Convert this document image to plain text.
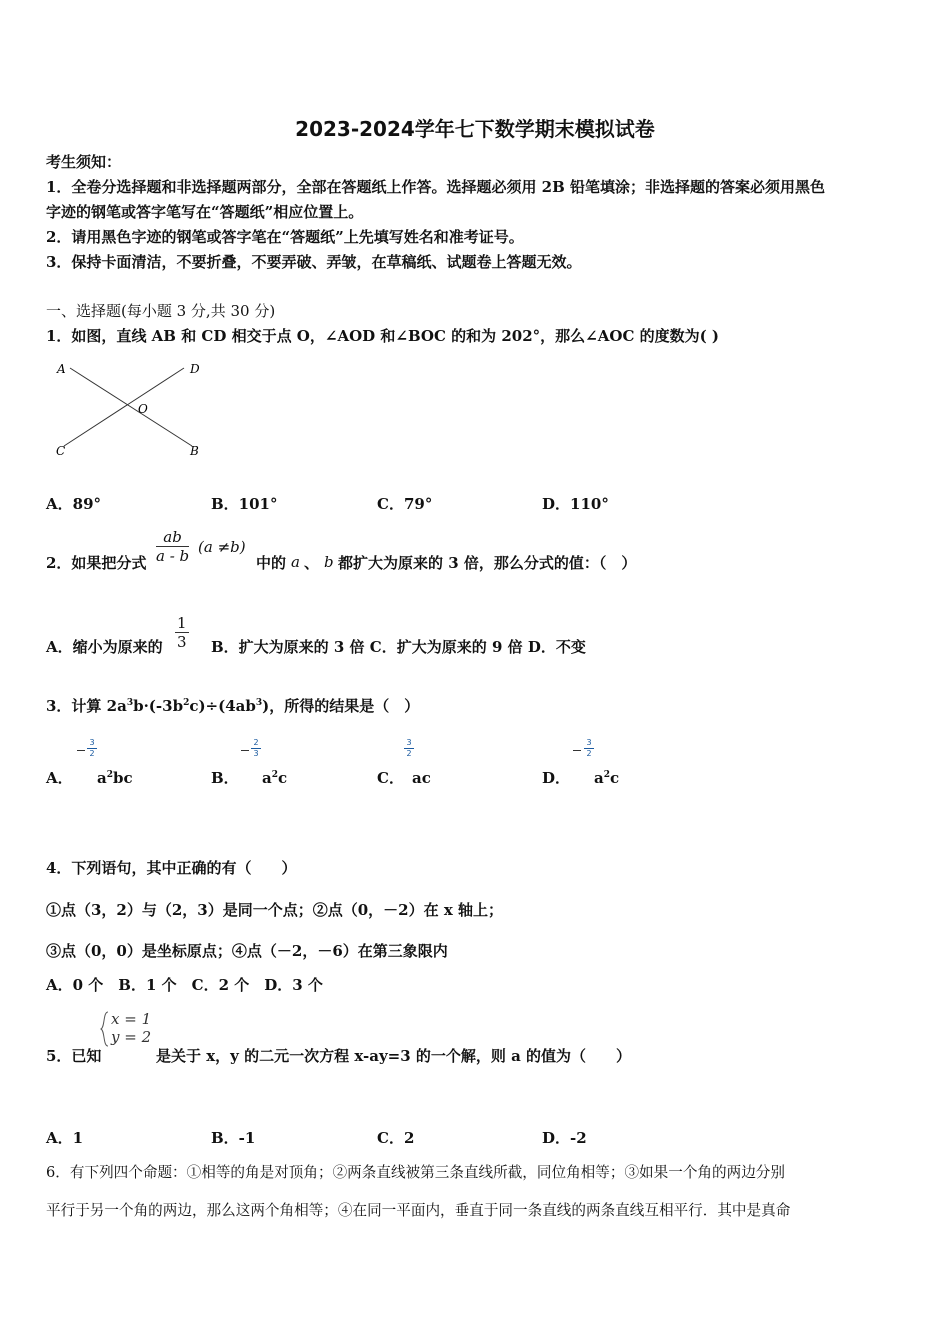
2023-2024学年七下数学期末模拟试卷
考生须知：
1．全卷分选择题和非选择题两部分，全部在答题纸上作答。选择题必须用 2B 铅笔填涂；非选择题的答案必须用黑色
字迹的钢笔或答字笔写在“答题纸”相应位置上。
2．请用黑色字迹的钢笔或答字笔在“答题纸”上先填写姓名和准考证号。
3．保持卡面清洁，不要折叠，不要弄破、弄皱，在草稿纸、试题卷上答题无效。
一、选择题(每小题 3 分,共 30 分)
1．如图，直线 AB 和 CD 相交于点 O，∠AOD 和∠BOC 的和为 202°，那么∠AOC 的度数为( )
A	D
O
C	B
A．89°	B．101°	C．79°	D．110°
2．如果把分式 $\frac{ab}{a - b} (a \ne b)$
中的 a 、 b 都扩大为原来的 3 倍，那么分式的值：（　）
A．缩小为原来的 $\frac{1}{3}$ B．扩大为原来的 3 倍 C．扩大为原来的 9 倍 D．不变
3．计算 $2a^3b\cdot(-3b^2c)\div(4ab^3)$，所得的结果是（　）
A．
3
2
$a^2bc$	B．
2
3
$a^2c$	C．
3
2
ac	D．
3
2
$a^2c$
4．下列语句，其中正确的有（　　）
①点（3，2）与（2，3）是同一个点；②点（0，－2）在 x 轴上；
③点（0，0）是坐标原点；④点（－2，－6）在第三象限内
A．0 个　B．1 个　C．2 个　D．3 个
5．已知
x = 1
y = 2
是关于 x，y 的二元一次方程 x-ay=3 的一个解，则 a 的值为（　　）
A．1	B．-1	C．2	D．-2
6．有下列四个命题：①相等的角是对顶角；②两条直线被第三条直线所截，同位角相等；③如果一个角的两边分别
平行于另一个角的两边，那么这两个角相等；④在同一平面内，垂直于同一条直线的两条直线互相平行．其中是真命
